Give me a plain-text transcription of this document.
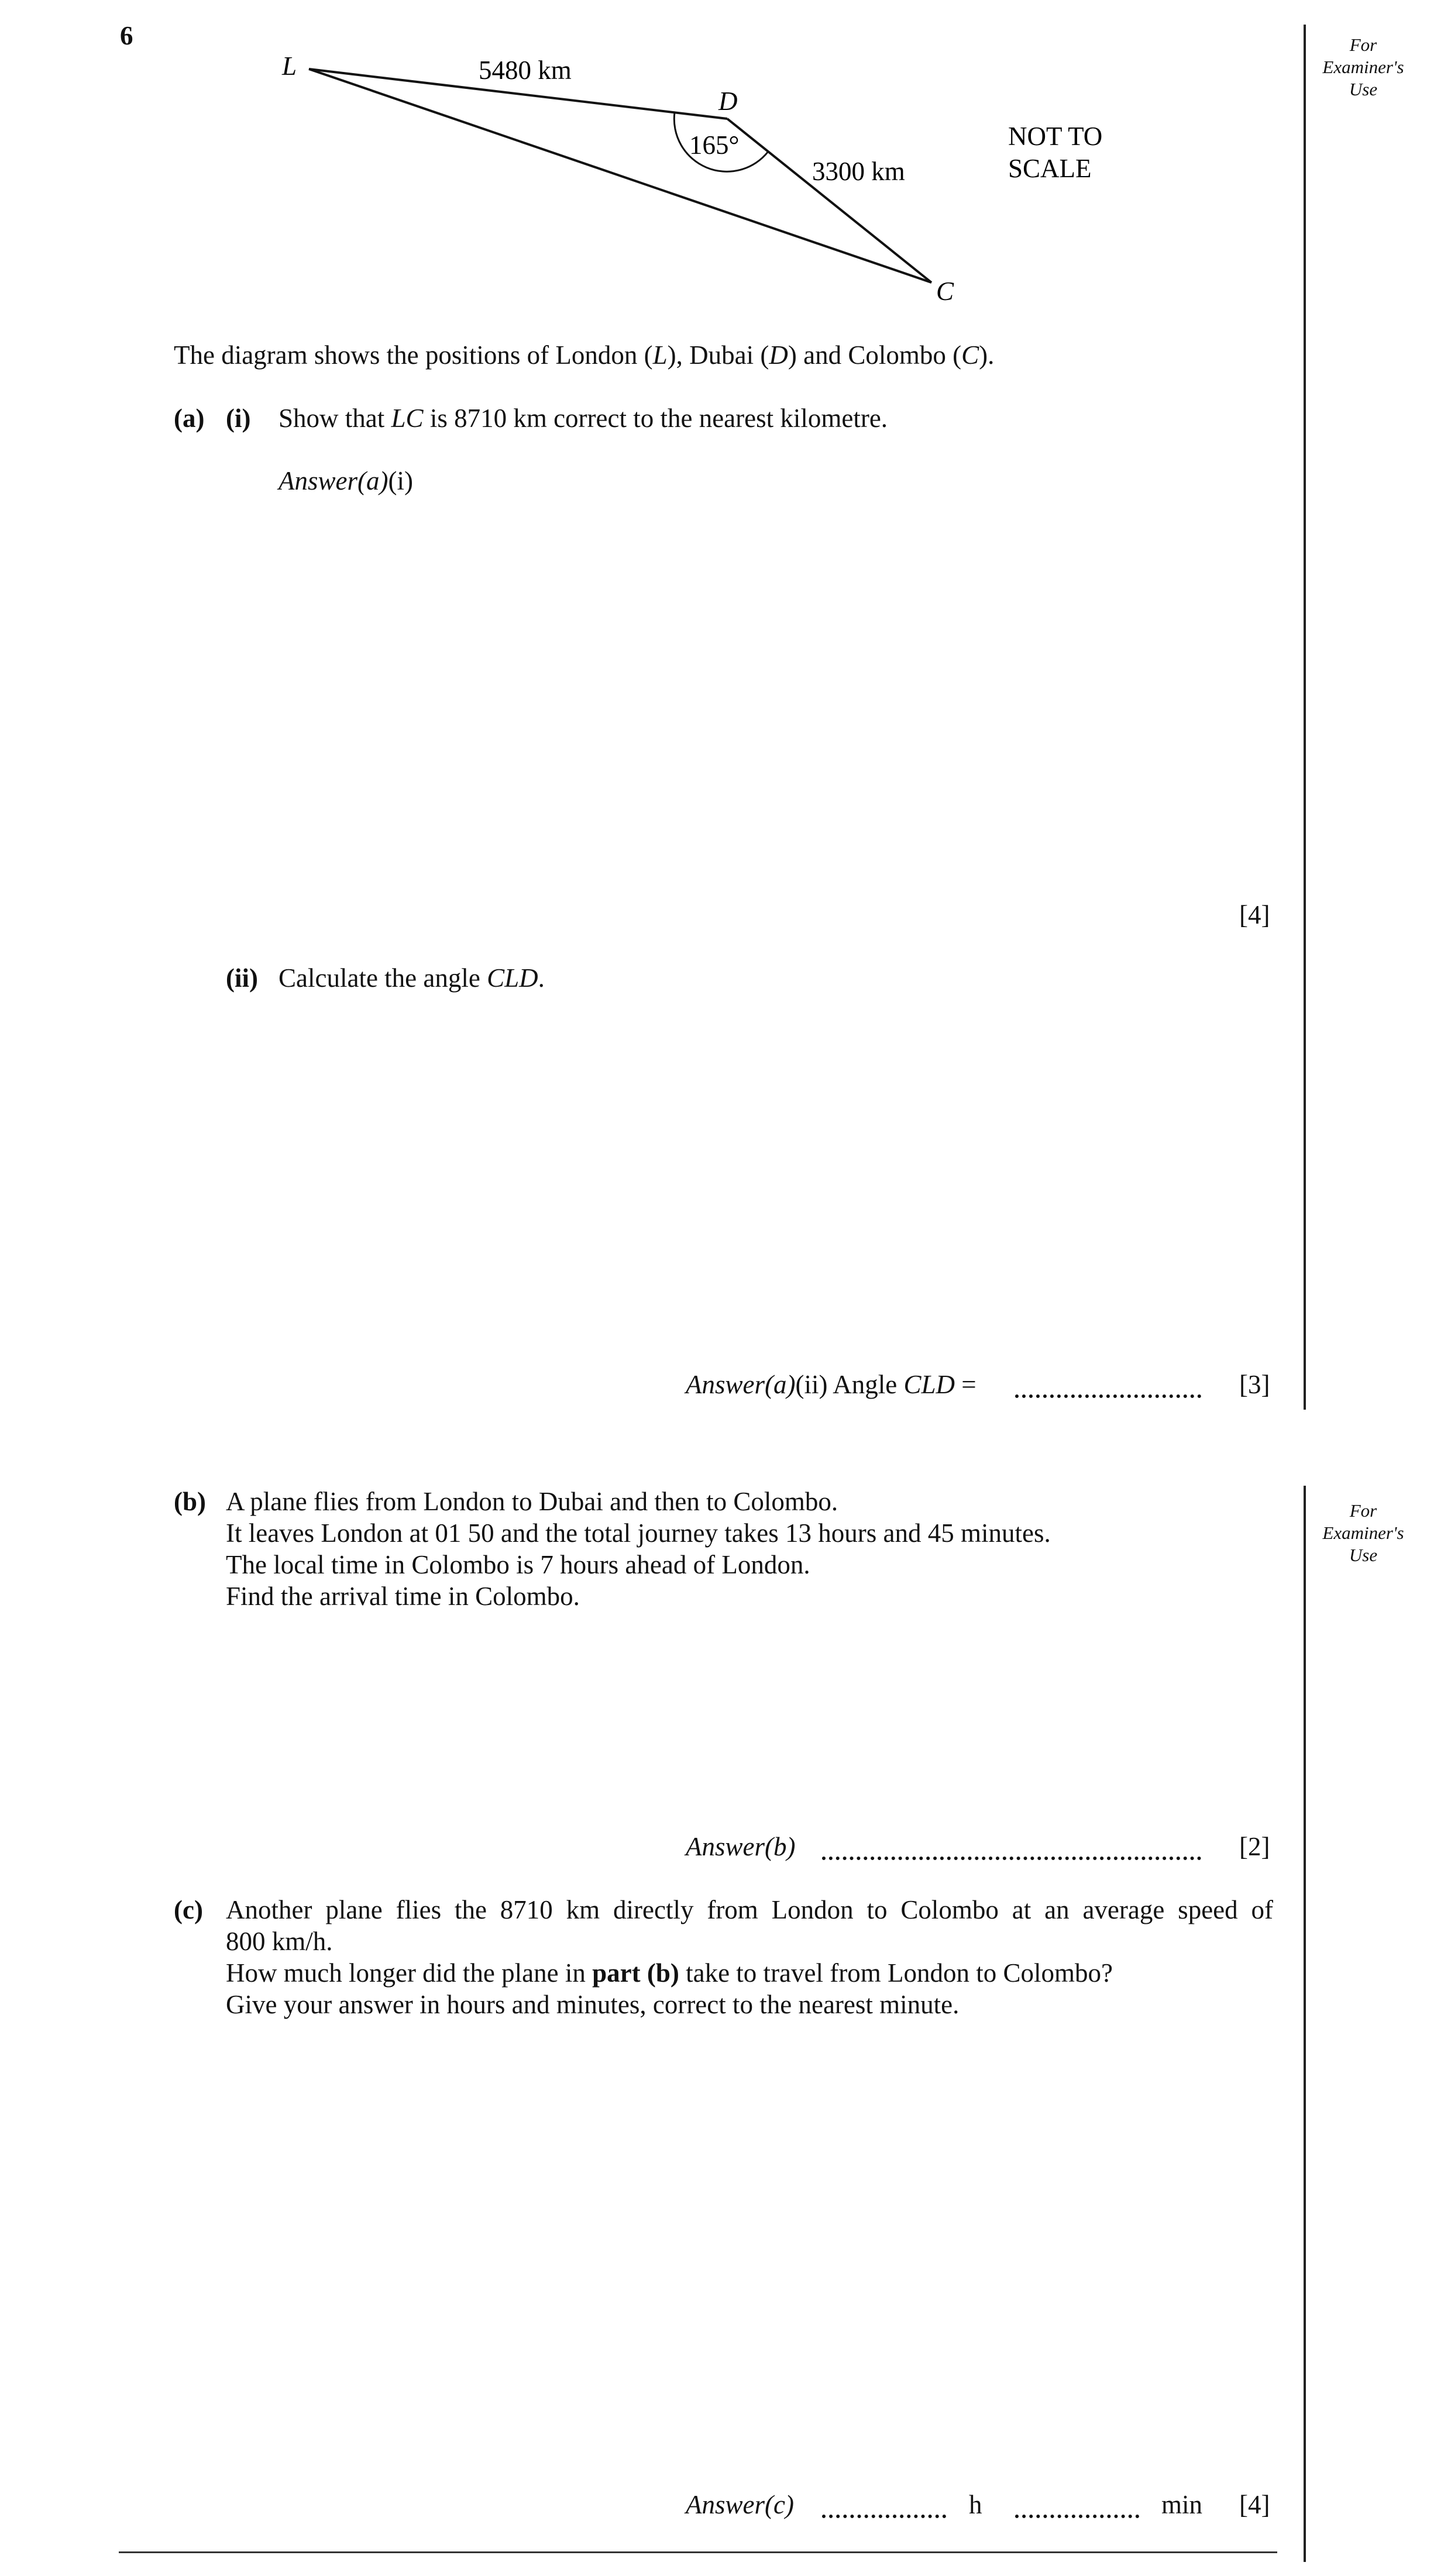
6	For
Examiner's
Use
For
Examiner's
Use
L
D
C
5480 km
3300 km
165°	NOT TO
SCALE
The diagram shows the positions of London (L), Dubai (D) and Colombo (C).
(a) (i) Show that LC is 8710 km correct to the nearest kilometre.
Answer(a)(i)
[4]
(ii) Calculate the angle CLD.
Answer(a)(ii) Angle CLD =	[3]
(b) A plane flies from London to Dubai and then to Colombo.
It leaves London at 01 50 and the total journey takes 13 hours and 45 minutes.
The local time in Colombo is 7 hours ahead of London.
Find the arrival time in Colombo.
Answer(b)	[2]
(c) Another plane flies the 8710 km directly from London to Colombo at an average speed of
800 km/h.
How much longer did the plane in part (b) take to travel from London to Colombo?
Give your answer in hours and minutes, correct to the nearest minute.
Answer(c)	h	min [4]
